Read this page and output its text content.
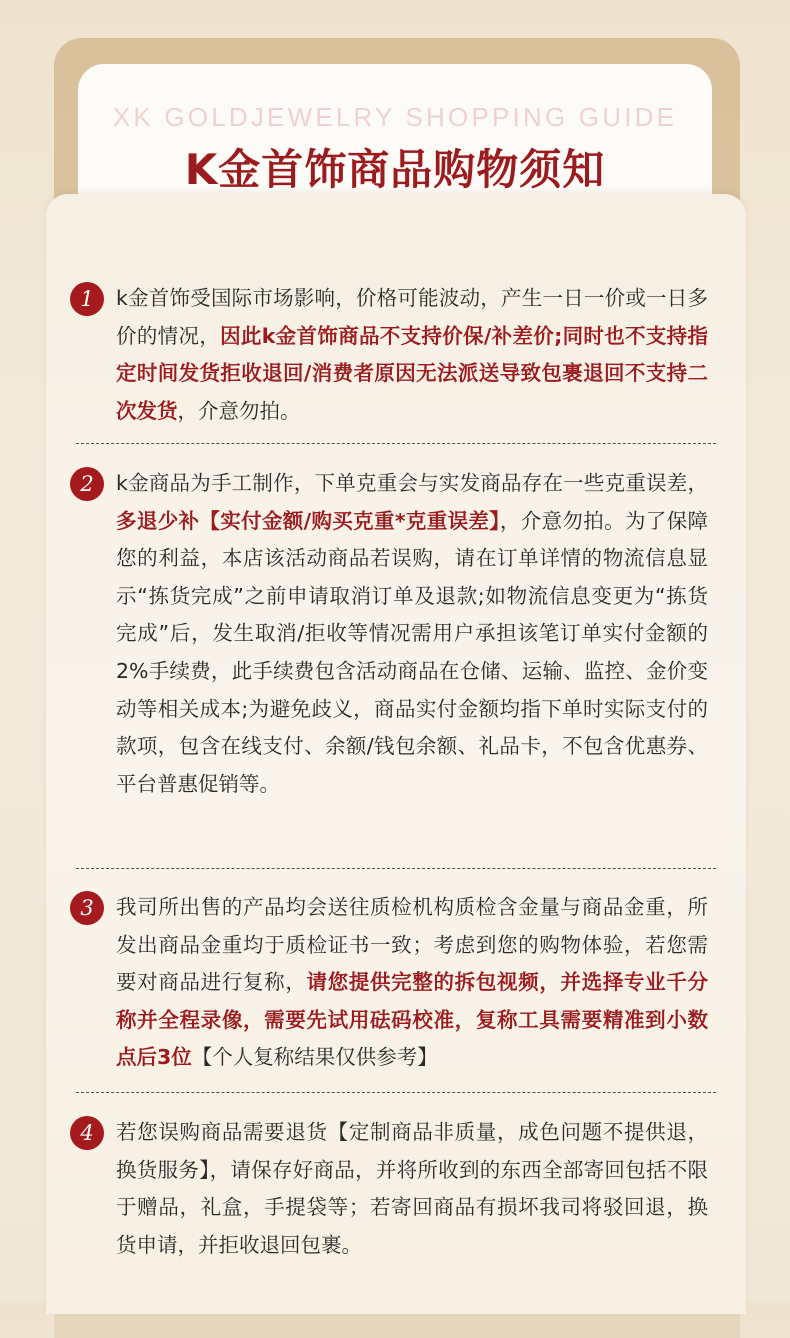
XK GOLDJEWELRY SHOPPING GUIDE
K金首饰商品购物须知
1	k金首饰受国际市场影响，价格可能波动，产生一日一价或一日多价的情况，因此k金首饰商品不支持价保/补差价;同时也不支持指定时间发货拒收退回/消费者原因无法派送导致包裹退回不支持二次发货，介意勿拍。

2	k金商品为手工制作，下单克重会与实发商品存在一些克重误差，多退少补【实付金额/购买克重*克重误差】，介意勿拍。为了保障您的利益，本店该活动商品若误购，请在订单详情的物流信息显示“拣货完成”之前申请取消订单及退款;如物流信息变更为“拣货完成”后，发生取消/拒收等情况需用户承担该笔订单实付金额的2%手续费，此手续费包含活动商品在仓储、运输、监控、金价变动等相关成本;为避免歧义，商品实付金额均指下单时实际支付的款项，包含在线支付、余额/钱包余额、礼品卡，不包含优惠券、平台普惠促销等。

3	我司所出售的产品均会送往质检机构质检含金量与商品金重，所发出商品金重均于质检证书一致；考虑到您的购物体验，若您需要对商品进行复称，请您提供完整的拆包视频，并选择专业千分称并全程录像，需要先试用砝码校准，复称工具需要精准到小数点后3位【个人复称结果仅供参考】

4	若您误购商品需要退货【定制商品非质量，成色问题不提供退，换货服务】，请保存好商品，并将所收到的东西全部寄回包括不限于赠品，礼盒，手提袋等；若寄回商品有损坏我司将驳回退，换货申请，并拒收退回包裹。
